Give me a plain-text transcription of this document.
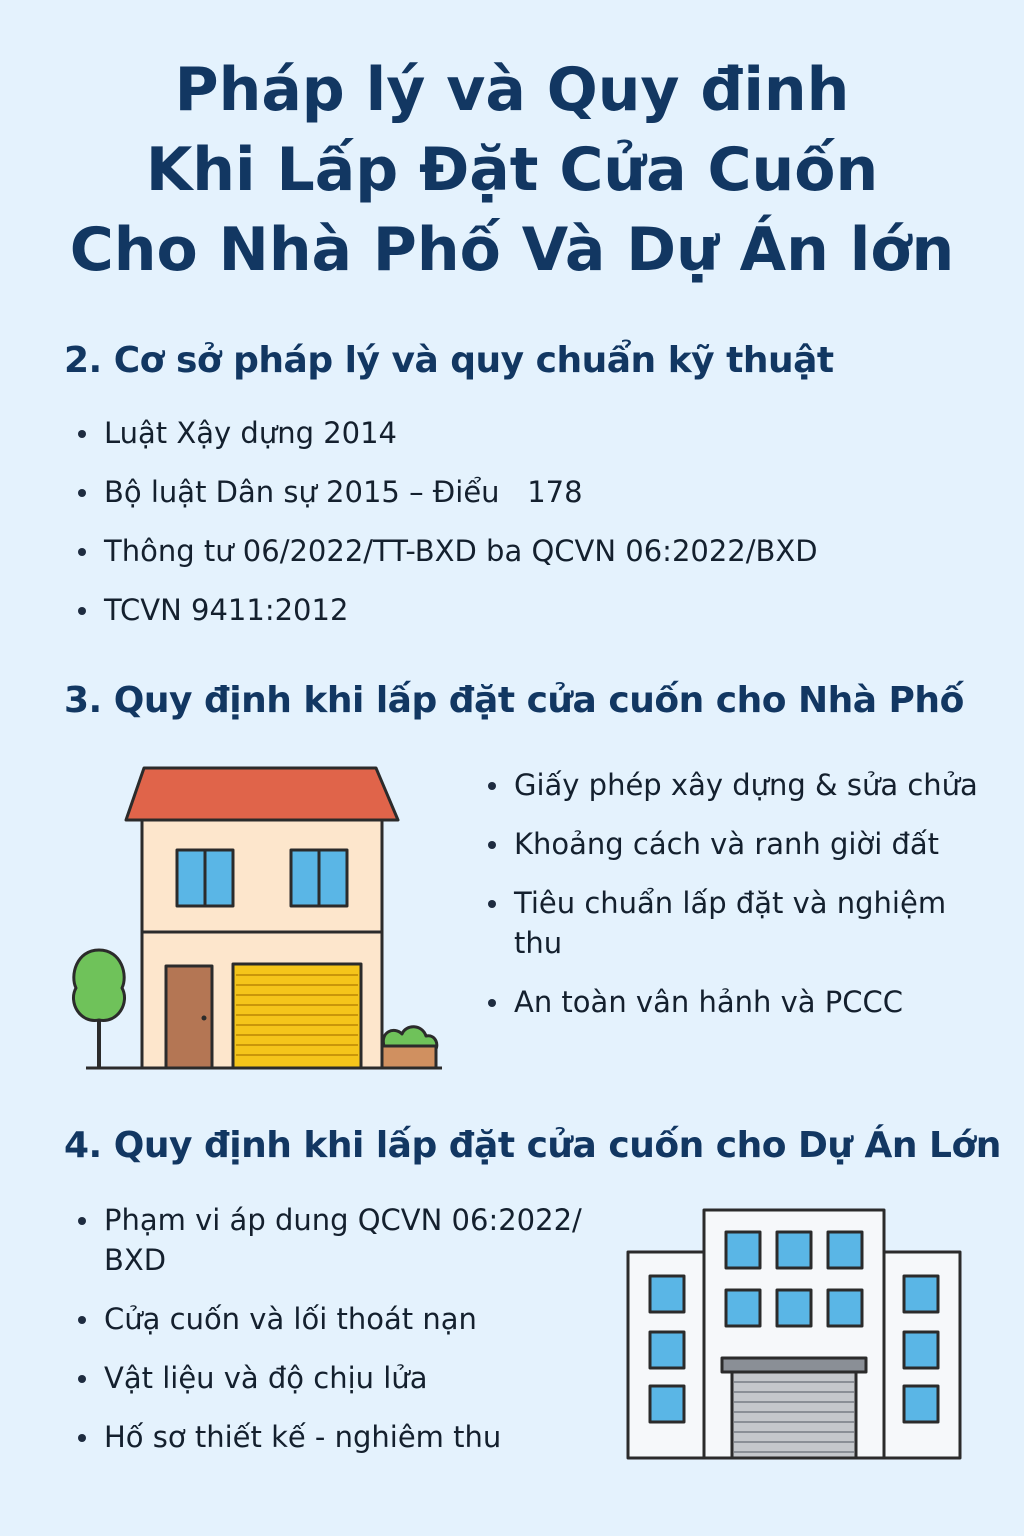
Pháp lý và Quy đinh
Khi Lấp Đặt Cửa Cuốn
Cho Nhà Phố Và Dự Án lớn
2. Cơ sở pháp lý và quy chuẩn kỹ thuật
Luật Xậy dựng 2014
Bộ luật Dân sự 2015 – Điểu   178
Thông tư 06/2022/TT-BXD ba QCVN 06:2022/BXD
TCVN 9411:2012
3. Quy định khi lấp đặt cửa cuốn cho Nhà Phố
Giấy phép xây dựng & sửa chửa
Khoảng cách và ranh giời đất
Tiêu chuẩn lấp đặt và nghiệm thu
An toàn vân hảnh và PCCC
4. Quy định khi lấp đặt cửa cuốn cho Dự Án Lớn
Phạm vi áp dung QCVN 06:2022/ BXD
Cửạ cuốn và lối thoát nạn
Vật liệu và độ chịu lửa
Hố sơ thiết kế - nghiêm thu
